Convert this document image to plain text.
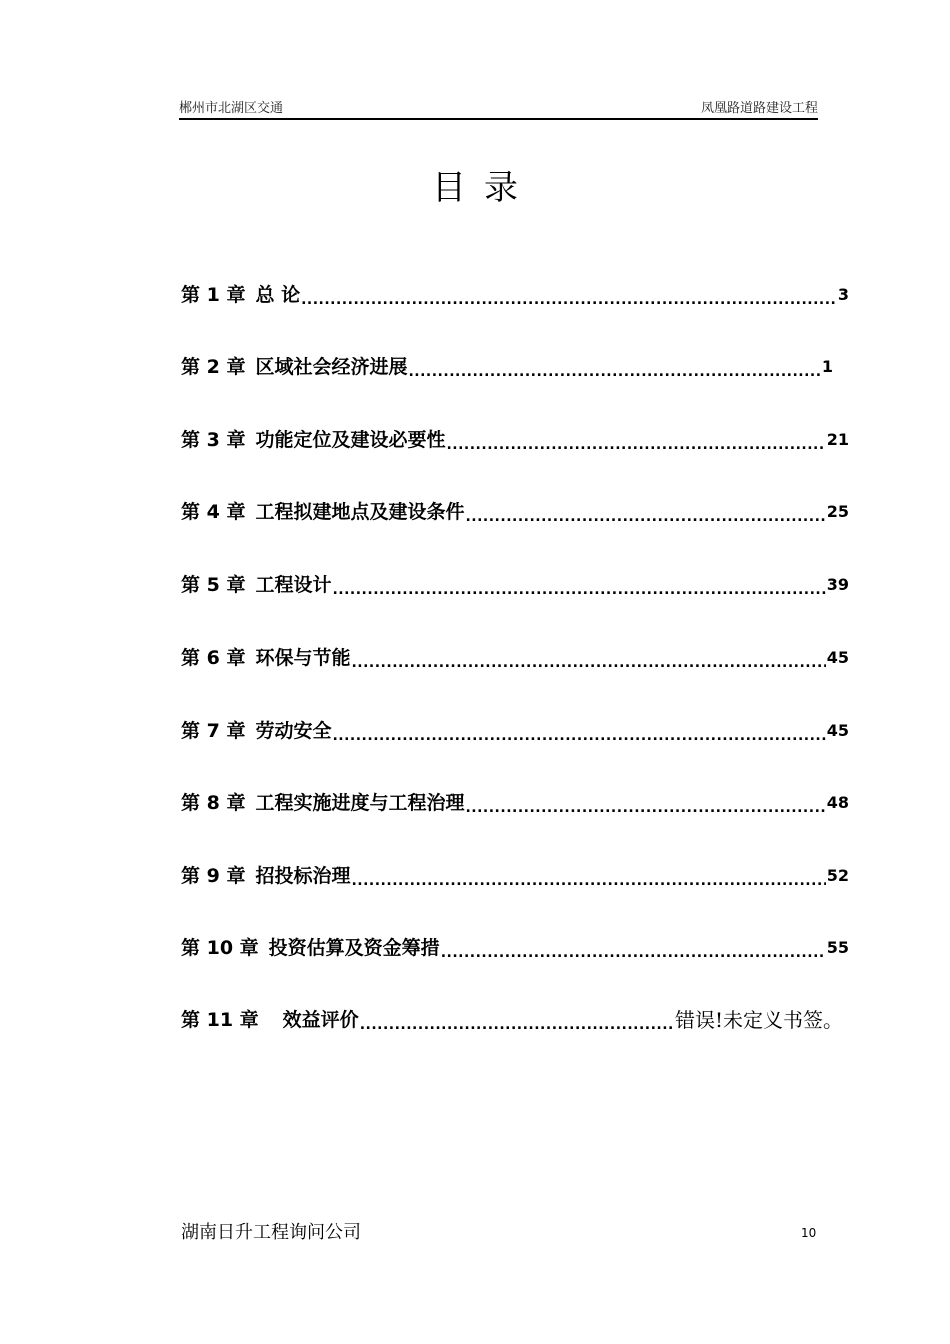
郴州市北湖区交通	凤凰路道路建设工程
目录
第 1 章 总 论 .....	3
第 2 章 区域社会经济进展 .....	1
第 3 章 功能定位及建设必要性 .....	21
第 4 章 工程拟建地点及建设条件 .....	25
第 5 章 工程设计 .....	39
第 6 章 环保与节能 .....	45
第 7 章 劳动安全 .....	45
第 8 章 工程实施进度与工程治理 .....	48
第 9 章 招投标治理 .....	52
第 10 章 投资估算及资金筹措 .....	55
第 11 章 效益评价 .....	错误!未定义书签。
湖南日升工程询问公司	10
